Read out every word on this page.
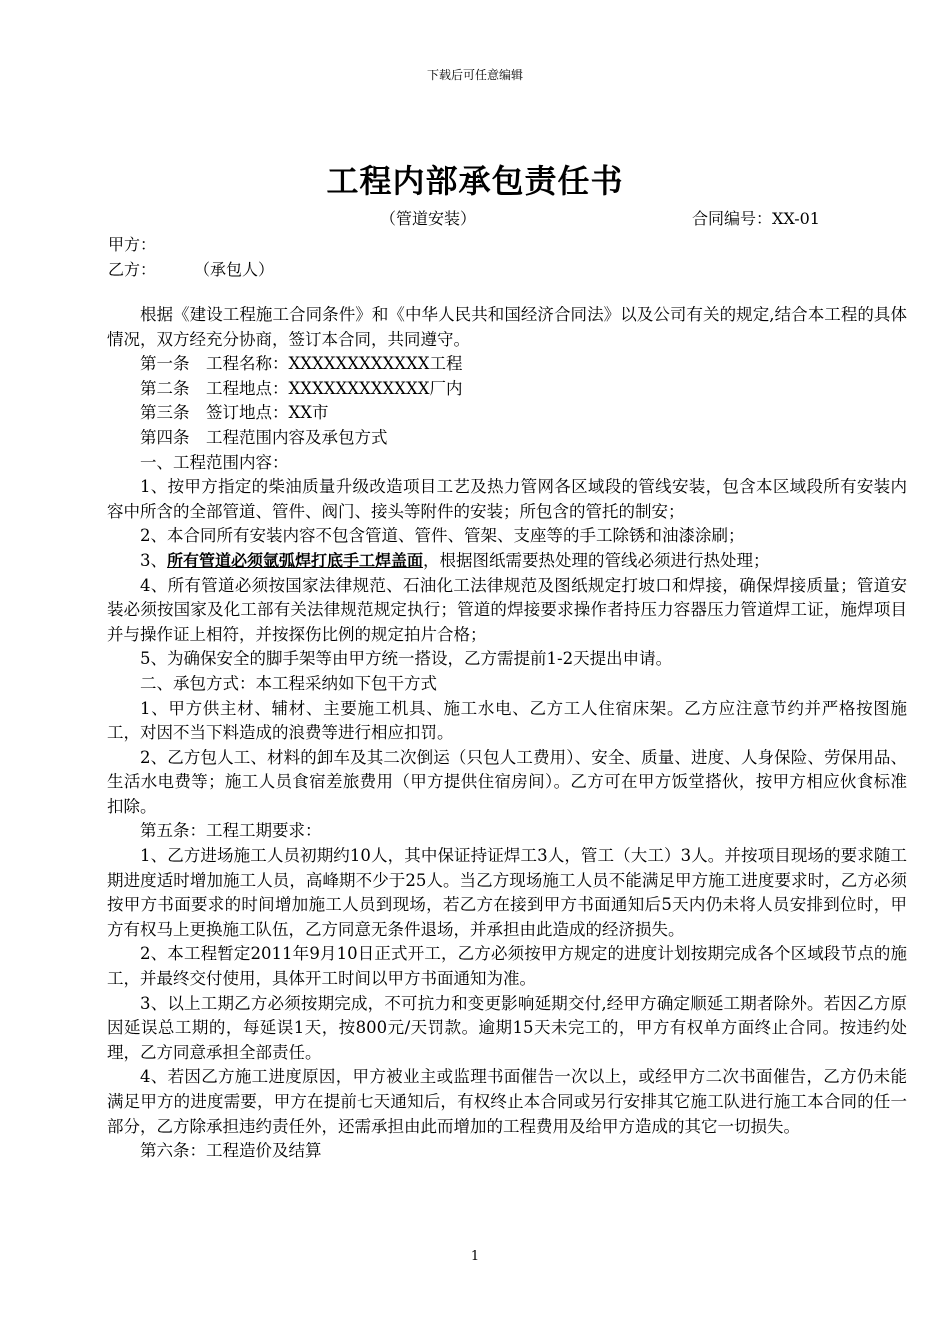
下载后可任意编辑
工程内部承包责任书
（管道安装）	合同编号：XX-01
甲方：
乙方：	（承包人）

根据《建设工程施工合同条件》和《中华人民共和国经济合同法》以及公司有关的规定,结合本工程的具体情况，双方经充分协商，签订本合同，共同遵守。

第一条　工程名称：XXXXXXXXXXXX工程

第二条　工程地点：XXXXXXXXXXXX厂内

第三条　签订地点：XX市

第四条　工程范围内容及承包方式

一、工程范围内容：

1、按甲方指定的柴油质量升级改造项目工艺及热力管网各区域段的管线安装，包含本区域段所有安装内容中所含的全部管道、管件、阀门、接头等附件的安装；所包含的管托的制安；

2、本合同所有安装内容不包含管道、管件、管架、支座等的手工除锈和油漆涂刷；

3、所有管道必须氩弧焊打底手工焊盖面，根据图纸需要热处理的管线必须进行热处理；

4、所有管道必须按国家法律规范、石油化工法律规范及图纸规定打坡口和焊接，确保焊接质量；管道安装必须按国家及化工部有关法律规范规定执行；管道的焊接要求操作者持压力容器压力管道焊工证，施焊项目并与操作证上相符，并按探伤比例的规定拍片合格；

5、为确保安全的脚手架等由甲方统一搭设，乙方需提前1-2天提出申请。

二、承包方式：本工程采纳如下包干方式

1、甲方供主材、辅材、主要施工机具、施工水电、乙方工人住宿床架。乙方应注意节约并严格按图施工，对因不当下料造成的浪费等进行相应扣罚。

2、乙方包人工、材料的卸车及其二次倒运（只包人工费用）、安全、质量、进度、人身保险、劳保用品、生活水电费等；施工人员食宿差旅费用（甲方提供住宿房间）。乙方可在甲方饭堂搭伙，按甲方相应伙食标准扣除。

第五条：工程工期要求：

1、乙方进场施工人员初期约10人，其中保证持证焊工3人，管工（大工）3人。并按项目现场的要求随工期进度适时增加施工人员，高峰期不少于25人。当乙方现场施工人员不能满足甲方施工进度要求时，乙方必须按甲方书面要求的时间增加施工人员到现场，若乙方在接到甲方书面通知后5天内仍未将人员安排到位时，甲方有权马上更换施工队伍，乙方同意无条件退场，并承担由此造成的经济损失。

2、本工程暂定2011年9月10日正式开工，乙方必须按甲方规定的进度计划按期完成各个区域段节点的施工，并最终交付使用，具体开工时间以甲方书面通知为准。

3、以上工期乙方必须按期完成，不可抗力和变更影响延期交付,经甲方确定顺延工期者除外。若因乙方原因延误总工期的，每延误1天，按800元/天罚款。逾期15天未完工的，甲方有权单方面终止合同。按违约处理，乙方同意承担全部责任。

4、若因乙方施工进度原因，甲方被业主或监理书面催告一次以上，或经甲方二次书面催告，乙方仍未能满足甲方的进度需要，甲方在提前七天通知后，有权终止本合同或另行安排其它施工队进行施工本合同的任一部分，乙方除承担违约责任外，还需承担由此而增加的工程费用及给甲方造成的其它一切损失。

第六条：工程造价及结算

1
